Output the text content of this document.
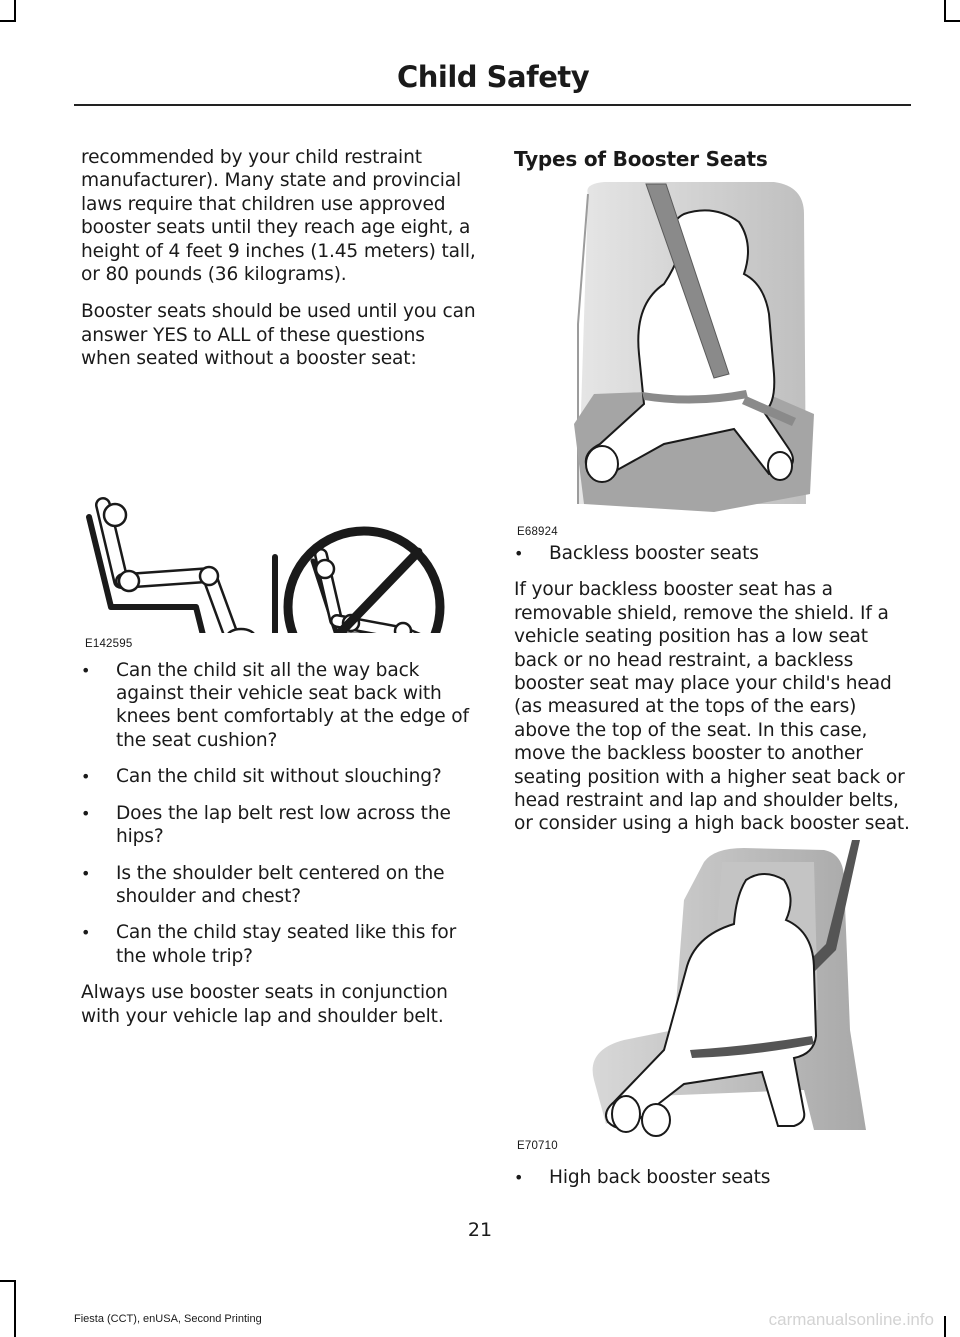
Child Safety

recommended by your child restraint manufacturer). Many state and provincial laws require that children use approved booster seats until they reach age eight, a height of 4 feet 9 inches (1.45 meters) tall, or 80 pounds (36 kilograms).

Booster seats should be used until you can answer YES to ALL of these questions when seated without a booster seat:

E142595
• Can the child sit all the way back against their vehicle seat back with knees bent comfortably at the edge of the seat cushion?
• Can the child sit without slouching?
• Does the lap belt rest low across the hips?
• Is the shoulder belt centered on the shoulder and chest?
• Can the child stay seated like this for the whole trip?

Always use booster seats in conjunction with your vehicle lap and shoulder belt.

Types of Booster Seats
E68924
• Backless booster seats

If your backless booster seat has a removable shield, remove the shield. If a vehicle seating position has a low seat back or no head restraint, a backless booster seat may place your child's head (as measured at the tops of the ears) above the top of the seat. In this case, move the backless booster to another seating position with a higher seat back or head restraint and lap and shoulder belts, or consider using a high back booster seat.

E70710
• High back booster seats
21
Fiesta (CCT), enUSA, Second Printing	carmanualsonline.info
